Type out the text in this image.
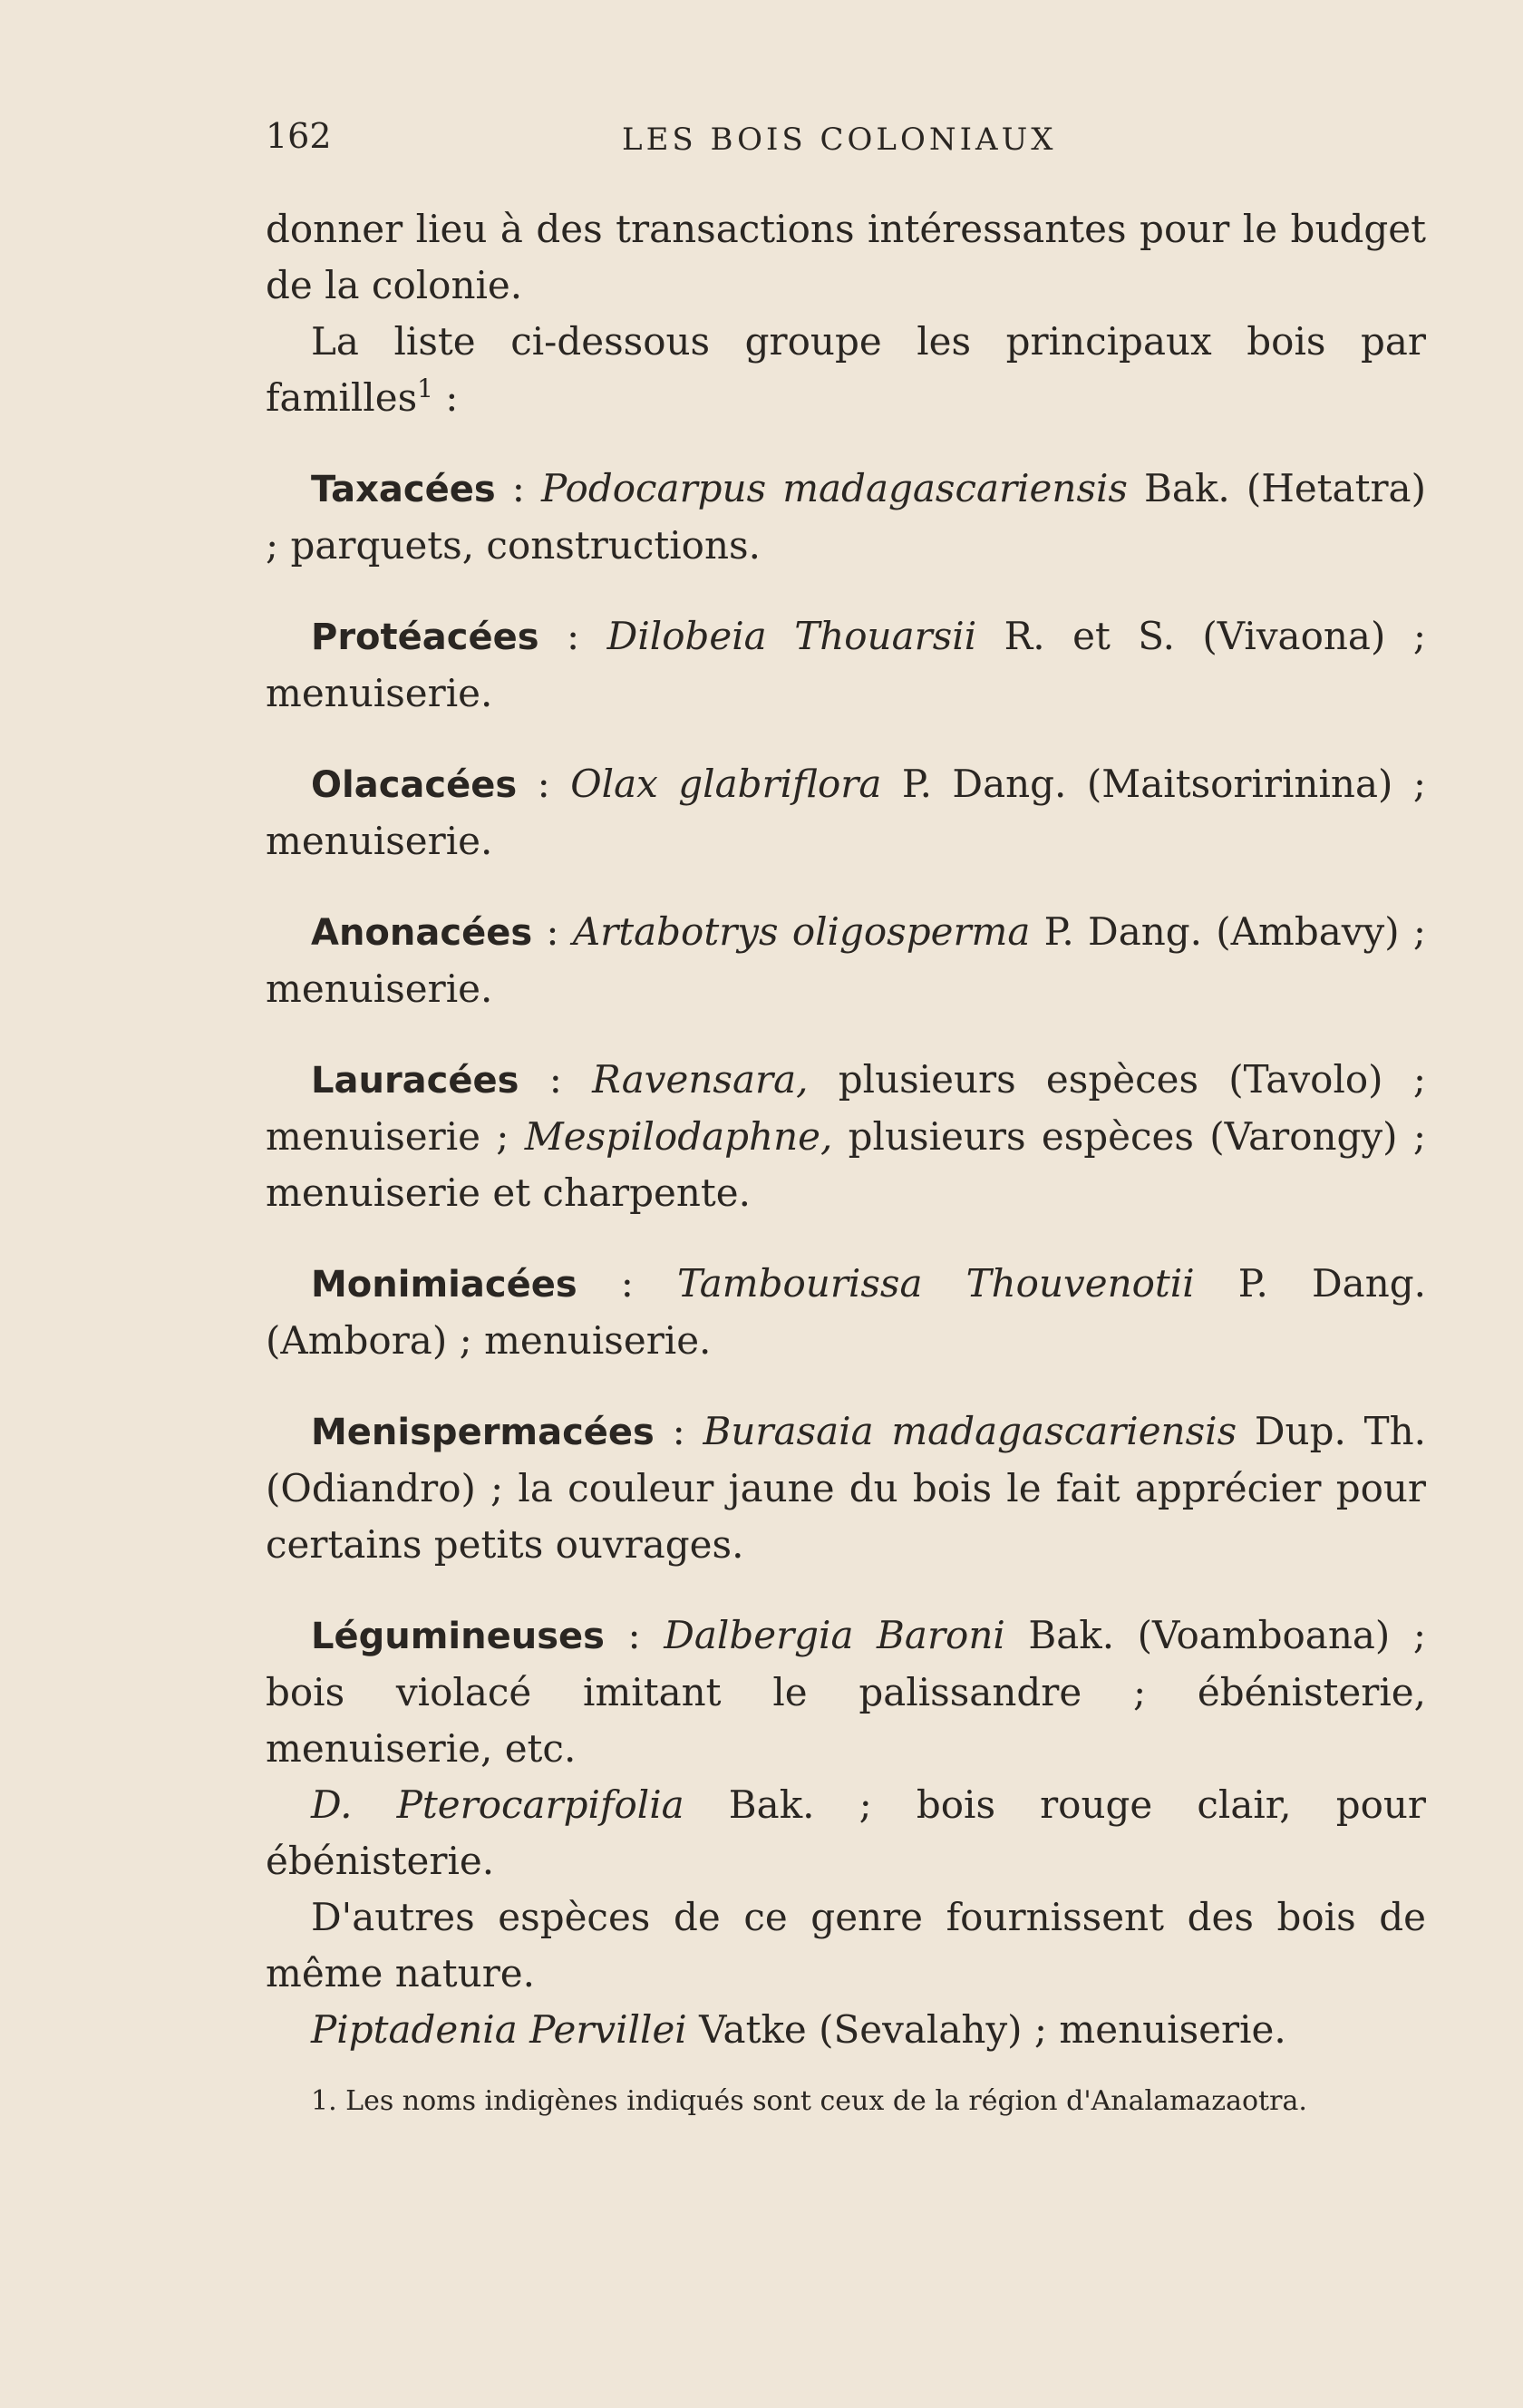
162	LES BOIS COLONIAUX

donner lieu à des transactions intéressantes pour le budget de la colonie.

La liste ci-dessous groupe les principaux bois par familles$^1$ :

Taxacées : Podocarpus madagascariensis Bak. (Hetatra) ; parquets, constructions.

Protéacées : Dilobeia Thouarsii R. et S. (Vivaona) ; menuiserie.

Olacacées : Olax glabriflora P. Dang. (Maitsoririnina) ; menuiserie.

Anonacées : Artabotrys oligosperma P. Dang. (Ambavy) ; menuiserie.

Lauracées : Ravensara, plusieurs espèces (Tavolo) ; menuiserie ; Mespilodaphne, plusieurs espèces (Varongy) ; menuiserie et charpente.

Monimiacées : Tambourissa Thouvenotii P. Dang. (Ambora) ; menuiserie.

Menispermacées : Burasaia madagascariensis Dup. Th. (Odiandro) ; la couleur jaune du bois le fait apprécier pour certains petits ouvrages.

Légumineuses : Dalbergia Baroni Bak. (Voamboana) ; bois violacé imitant le palissandre ; ébénisterie, menuiserie, etc.

D. Pterocarpifolia Bak. ; bois rouge clair, pour ébénisterie.

D'autres espèces de ce genre fournissent des bois de même nature.

Piptadenia Pervillei Vatke (Sevalahy) ; menuiserie.

1. Les noms indigènes indiqués sont ceux de la région d'Analamazaotra.
